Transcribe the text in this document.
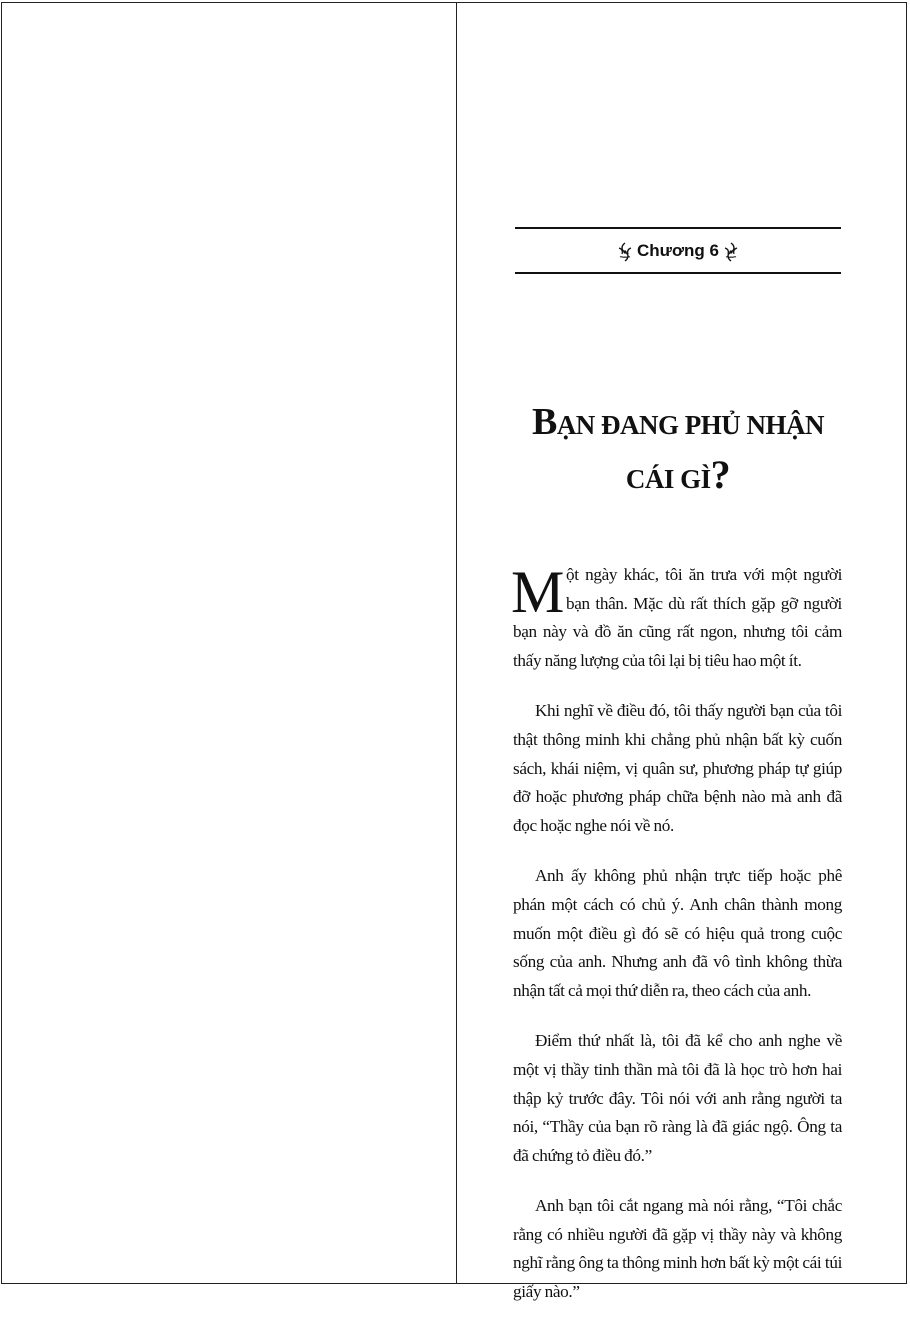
Chương 6
BẠN ĐANG PHỦ NHẬN CÁI GÌ?

Một ngày khác, tôi ăn trưa với một người bạn thân. Mặc dù rất thích gặp gỡ người bạn này và đồ ăn cũng rất ngon, nhưng tôi cảm thấy năng lượng của tôi lại bị tiêu hao một ít.

Khi nghĩ về điều đó, tôi thấy người bạn của tôi thật thông minh khi chẳng phủ nhận bất kỳ cuốn sách, khái niệm, vị quân sư, phương pháp tự giúp đỡ hoặc phương pháp chữa bệnh nào mà anh đã đọc hoặc nghe nói về nó.

Anh ấy không phủ nhận trực tiếp hoặc phê phán một cách có chủ ý. Anh chân thành mong muốn một điều gì đó sẽ có hiệu quả trong cuộc sống của anh. Nhưng anh đã vô tình không thừa nhận tất cả mọi thứ diễn ra, theo cách của anh.

Điểm thứ nhất là, tôi đã kể cho anh nghe về một vị thầy tinh thần mà tôi đã là học trò hơn hai thập kỷ trước đây. Tôi nói với anh rằng người ta nói, “Thầy của bạn rõ ràng là đã giác ngộ. Ông ta đã chứng tỏ điều đó.”

Anh bạn tôi cắt ngang mà nói rằng, “Tôi chắc rằng có nhiều người đã gặp vị thầy này và không nghĩ rằng ông ta thông minh hơn bất kỳ một cái túi giấy nào.”
